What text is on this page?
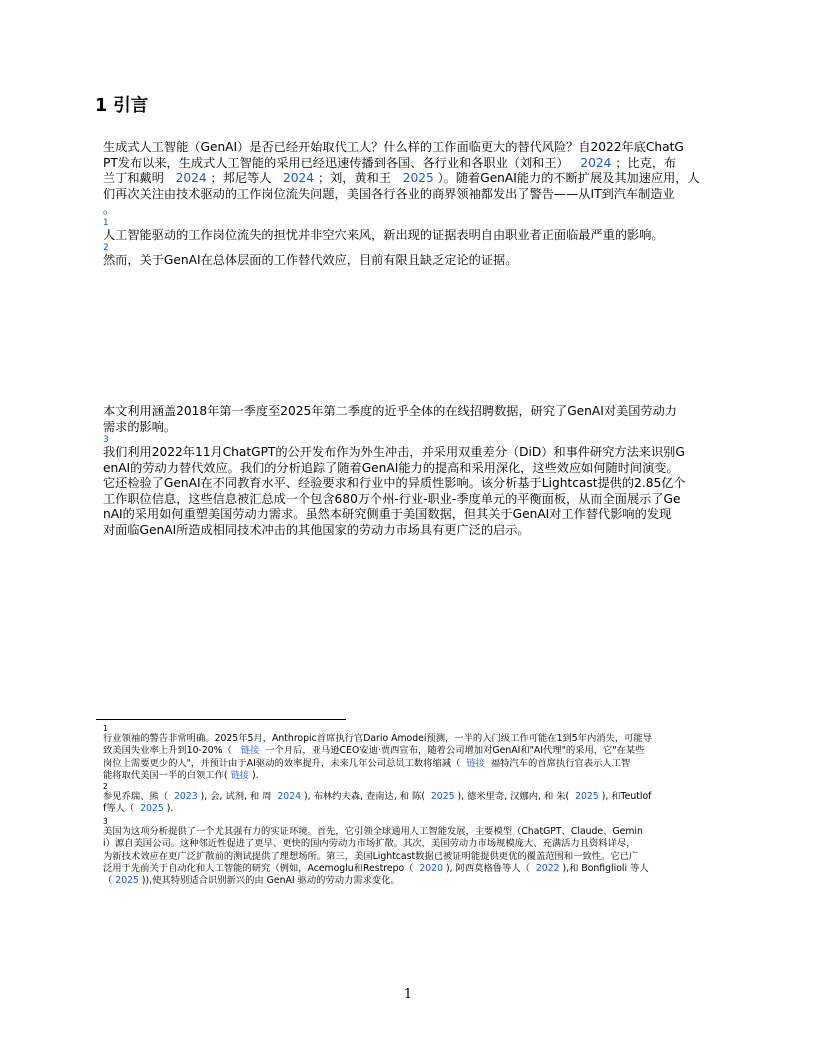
1 引言
生成式人工智能（GenAI）是否已经开始取代工人？什么样的工作面临更大的替代风险？自2022年底ChatG
PT发布以来，生成式人工智能的采用已经迅速传播到各国、各行业和各职业（刘和王） 2024 ；比克，布
兰丁和戴明 2024 ；邦尼等人 2024 ；刘，黄和王 2025 ）。随着GenAI能力的不断扩展及其加速应用，人
们再次关注由技术驱动的工作岗位流失问题，美国各行各业的商界领袖都发出了警告——从IT到汽车制造业
。
1
人工智能驱动的工作岗位流失的担忧并非空穴来风，新出现的证据表明自由职业者正面临最严重的影响。
2
然而，关于GenAI在总体层面的工作替代效应，目前有限且缺乏定论的证据。
本文利用涵盖2018年第一季度至2025年第二季度的近乎全体的在线招聘数据，研究了GenAI对美国劳动力
需求的影响。
3
我们利用2022年11月ChatGPT的公开发布作为外生冲击，并采用双重差分（DiD）和事件研究方法来识别G
enAI的劳动力替代效应。我们的分析追踪了随着GenAI能力的提高和采用深化，这些效应如何随时间演变。
它还检验了GenAI在不同教育水平、经验要求和行业中的异质性影响。该分析基于Lightcast提供的2.85亿个
工作职位信息，这些信息被汇总成一个包含680万个州-行业-职业-季度单元的平衡面板，从而全面展示了Ge
nAI的采用如何重塑美国劳动力需求。虽然本研究侧重于美国数据，但其关于GenAI对工作替代影响的发现
对面临GenAI所造成相同技术冲击的其他国家的劳动力市场具有更广泛的启示。
1
行业领袖的警告非常明确。2025年5月，Anthropic首席执行官Dario Amodei预测，一半的入门级工作可能在1到5年内消失，可能导
致美国失业率上升到10-20%（ 链接 一个月后，亚马逊CEO安迪·贾西宣布，随着公司增加对GenAI和"AI代理"的采用，它"在某些
岗位上需要更少的人"，并预计由于AI驱动的效率提升，未来几年公司总员工数将缩减（ 链接 福特汽车的首席执行官表示人工智
能将取代美国一半的白领工作( 链接 ).
2
参见乔瑞、熊（ 2023 ), 会, 试剂, 和 周 2024 ), 布林约夫森, 查南达, 和 陈( 2025 ), 德米里奇, 汉娜内, 和 朱( 2025 ), 和Teutlof
f等人（ 2025 ).
3
美国为这项分析提供了一个尤其强有力的实证环境。首先，它引领全球通用人工智能发展，主要模型（ChatGPT、Claude、Gemin
i）源自美国公司。这种邻近性促进了更早、更快的国内劳动力市场扩散。其次，美国劳动力市场规模庞大、充满活力且资料详尽，
为新技术效应在更广泛扩散前的测试提供了理想场所。第三，美国Lightcast数据已被证明能提供更优的覆盖范围和一致性。它已广
泛用于先前关于自动化和人工智能的研究（例如，Acemoglu和Restrepo（ 2020 ), 阿西莫格鲁等人（ 2022 ),和 Bonfiglioli 等人
（ 2025 )),使其特别适合识别新兴的由 GenAI 驱动的劳动力需求变化。
1
